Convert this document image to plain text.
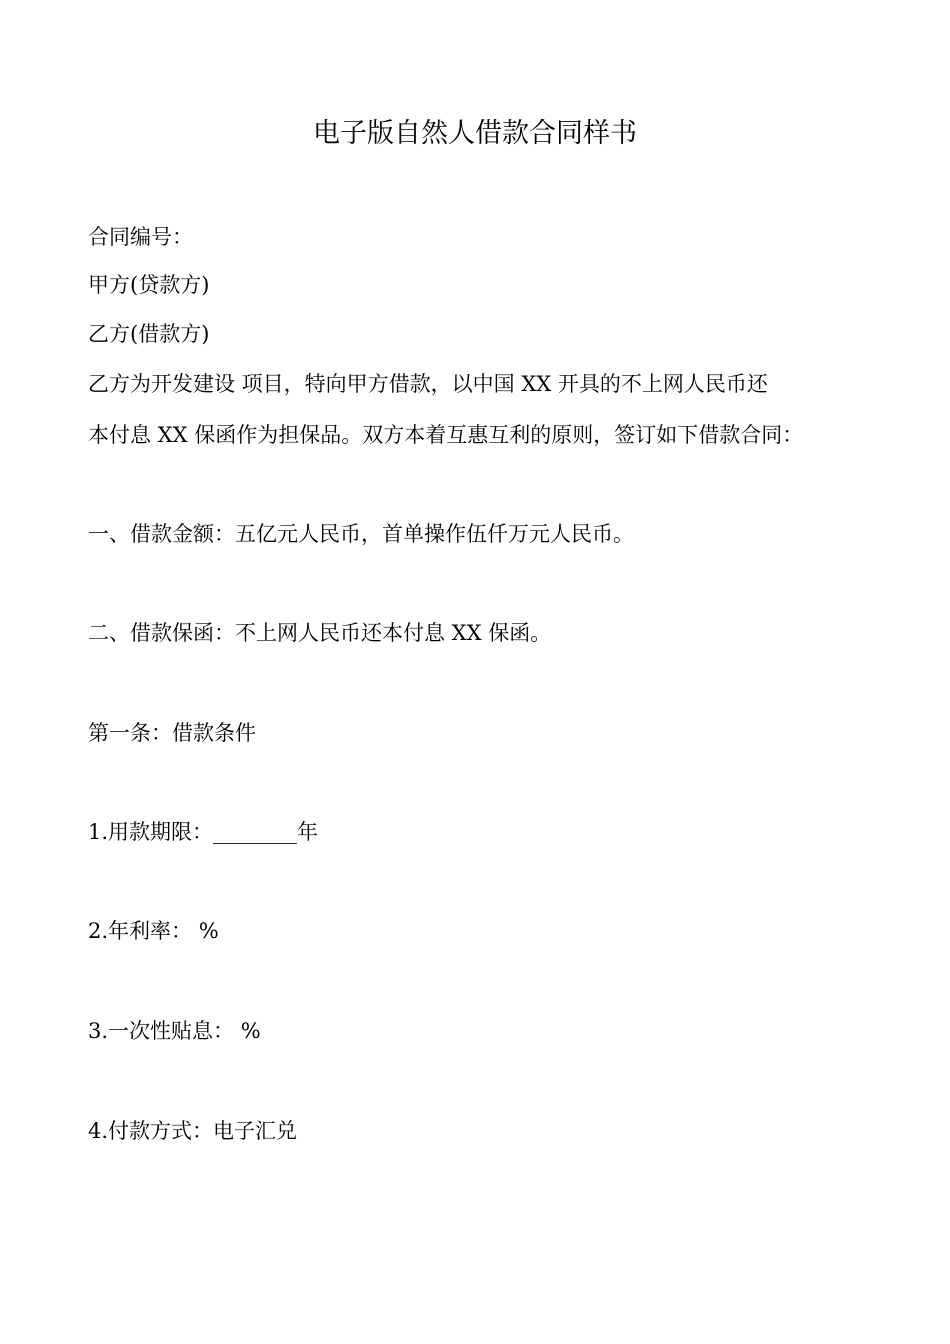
电子版自然人借款合同样书
合同编号：
甲方(贷款方)
乙方(借款方)
乙方为开发建设 项目，特向甲方借款，以中国 XX 开具的不上网人民币还
本付息 XX 保函作为担保品。双方本着互惠互利的原则，签订如下借款合同：
一、借款金额：五亿元人民币，首单操作伍仟万元人民币。
二、借款保函：不上网人民币还本付息 XX 保函。
第一条：借款条件
1.用款期限：________年
2.年利率： %
3.一次性贴息： %
4.付款方式：电子汇兑
